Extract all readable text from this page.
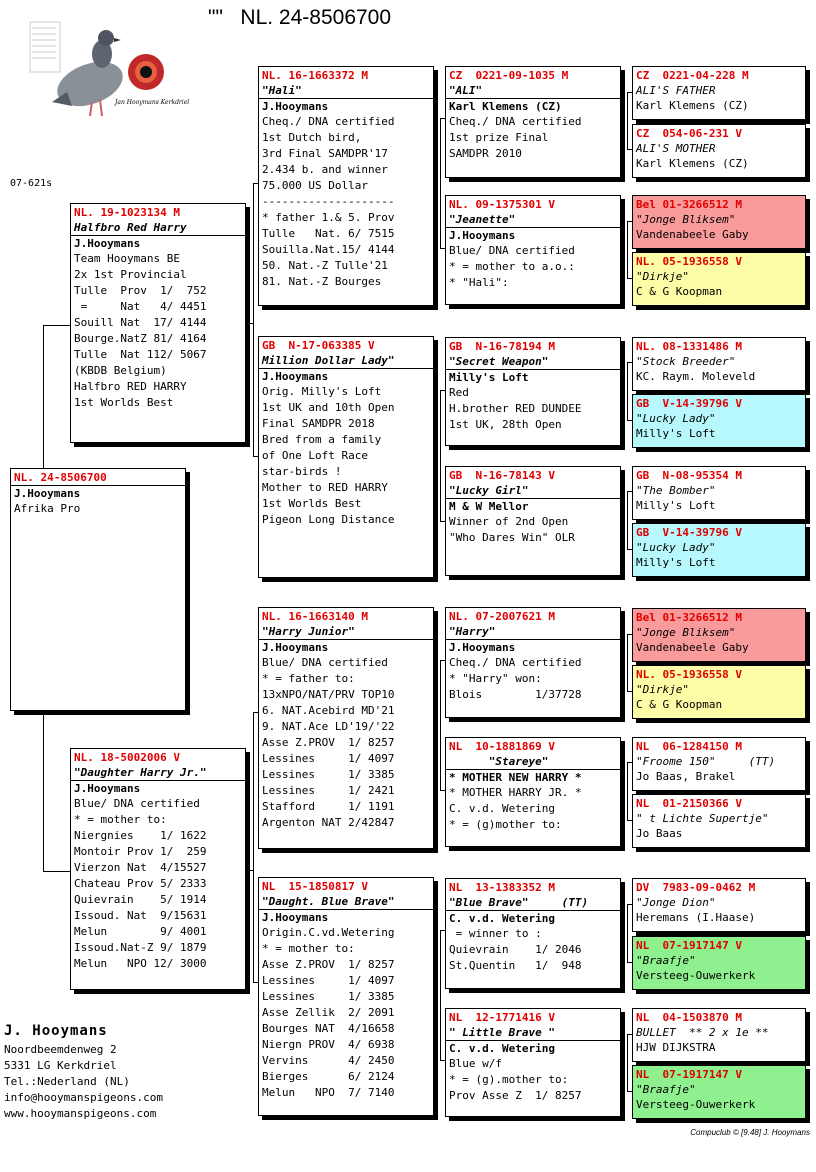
""   NL. 24-8506700
07-621s
Jan Hooymans Kerkdriel
NL. 24-8506700
J.Hooymans
Afrika Pro
NL. 19-1023134 M
Halfbro Red Harry
J.Hooymans
Team Hooymans BE
2x 1st Provincial
Tulle  Prov  1/  752
=     Nat   4/ 4451
Souill Nat  17/ 4144
Bourge.NatZ 81/ 4164
Tulle  Nat 112/ 5067
(KBDB Belgium)
Halfbro RED HARRY
1st Worlds Best
NL. 18-5002006 V
"Daughter Harry Jr."
J.Hooymans
Blue/ DNA certified
* = mother to:
Niergnies    1/ 1622
Montoir Prov 1/  259
Vierzon Nat  4/15527
Chateau Prov 5/ 2333
Quievrain    5/ 1914
Issoud. Nat  9/15631
Melun        9/ 4001
Issoud.Nat-Z 9/ 1879
Melun   NPO 12/ 3000
NL. 16-1663372 M
"Hali"
J.Hooymans
Cheq./ DNA certified
1st Dutch bird,
3rd Final SAMDPR'17
2.434 b. and winner
75.000 US Dollar
--------------------
* father 1.& 5. Prov
Tulle   Nat. 6/ 7515
Souilla.Nat.15/ 4144
50. Nat.-Z Tulle'21
81. Nat.-Z Bourges
GB  N-17-063385 V
Million Dollar Lady"
J.Hooymans
Orig. Milly's Loft
1st UK and 10th Open
Final SAMDPR 2018
Bred from a family
of One Loft Race
star-birds !
Mother to RED HARRY
1st Worlds Best
Pigeon Long Distance
NL. 16-1663140 M
"Harry Junior"
J.Hooymans
Blue/ DNA certified
* = father to:
13xNPO/NAT/PRV TOP10
6. NAT.Acebird MD'21
9. NAT.Ace LD'19/'22
Asse Z.PROV  1/ 8257
Lessines     1/ 4097
Lessines     1/ 3385
Lessines     1/ 2421
Stafford     1/ 1191
Argenton NAT 2/42847
NL  15-1850817 V
"Daught. Blue Brave"
J.Hooymans
Origin.C.vd.Wetering
* = mother to:
Asse Z.PROV  1/ 8257
Lessines     1/ 4097
Lessines     1/ 3385
Asse Zellik  2/ 2091
Bourges NAT  4/16658
Niergn PROV  4/ 6938
Vervins      4/ 2450
Bierges      6/ 2124
Melun   NPO  7/ 7140
CZ  0221-09-1035 M
"ALI"
Karl Klemens (CZ)
Cheq./ DNA certified
1st prize Final
SAMDPR 2010
NL. 09-1375301 V
"Jeanette"
J.Hooymans
Blue/ DNA certified
* = mother to a.o.:
* "Hali":
GB  N-16-78194 M
"Secret Weapon"
Milly's Loft
Red
H.brother RED DUNDEE
1st UK, 28th Open
GB  N-16-78143 V
"Lucky Girl"
M & W Mellor
Winner of 2nd Open
"Who Dares Win" OLR
NL. 07-2007621 M
"Harry"
J.Hooymans
Cheq./ DNA certified
* "Harry" won:
Blois        1/37728
NL  10-1881869 V
"Stareye"
* MOTHER NEW HARRY *
* MOTHER HARRY JR. *
C. v.d. Wetering
* = (g)mother to:
NL  13-1383352 M
"Blue Brave"     (TT)
C. v.d. Wetering
= winner to :
Quievrain    1/ 2046
St.Quentin   1/  948
NL  12-1771416 V
" Little Brave "
C. v.d. Wetering
Blue w/f
* = (g).mother to:
Prov Asse Z  1/ 8257
CZ  0221-04-228 M
ALI'S FATHER
Karl Klemens (CZ)
CZ  054-06-231 V
ALI'S MOTHER
Karl Klemens (CZ)
Bel 01-3266512 M
"Jonge Bliksem"
Vandenabeele Gaby
NL. 05-1936558 V
"Dirkje"
C & G Koopman
NL. 08-1331486 M
"Stock Breeder"
KC. Raym. Moleveld
GB  V-14-39796 V
"Lucky Lady"
Milly's Loft
GB  N-08-95354 M
"The Bomber"
Milly's Loft
GB  V-14-39796 V
"Lucky Lady"
Milly's Loft
Bel 01-3266512 M
"Jonge Bliksem"
Vandenabeele Gaby
NL. 05-1936558 V
"Dirkje"
C & G Koopman
NL  06-1284150 M
"Froome 150"     (TT)
Jo Baas, Brakel
NL  01-2150366 V
" t Lichte Supertje"
Jo Baas
DV  7983-09-0462 M
"Jonge Dion"
Heremans (I.Haase)
NL  07-1917147 V
"Braafje"
Versteeg-Ouwerkerk
NL  04-1503870 M
BULLET  ** 2 x 1e **
HJW DIJKSTRA
NL  07-1917147 V
"Braafje"
Versteeg-Ouwerkerk
J. Hooymans
Noordbeemdenweg 2
5331 LG Kerkdriel
Tel.:Nederland (NL)
info@hooymanspigeons.com
www.hooymanspigeons.com
Compuclub © [9.48] J. Hooymans
